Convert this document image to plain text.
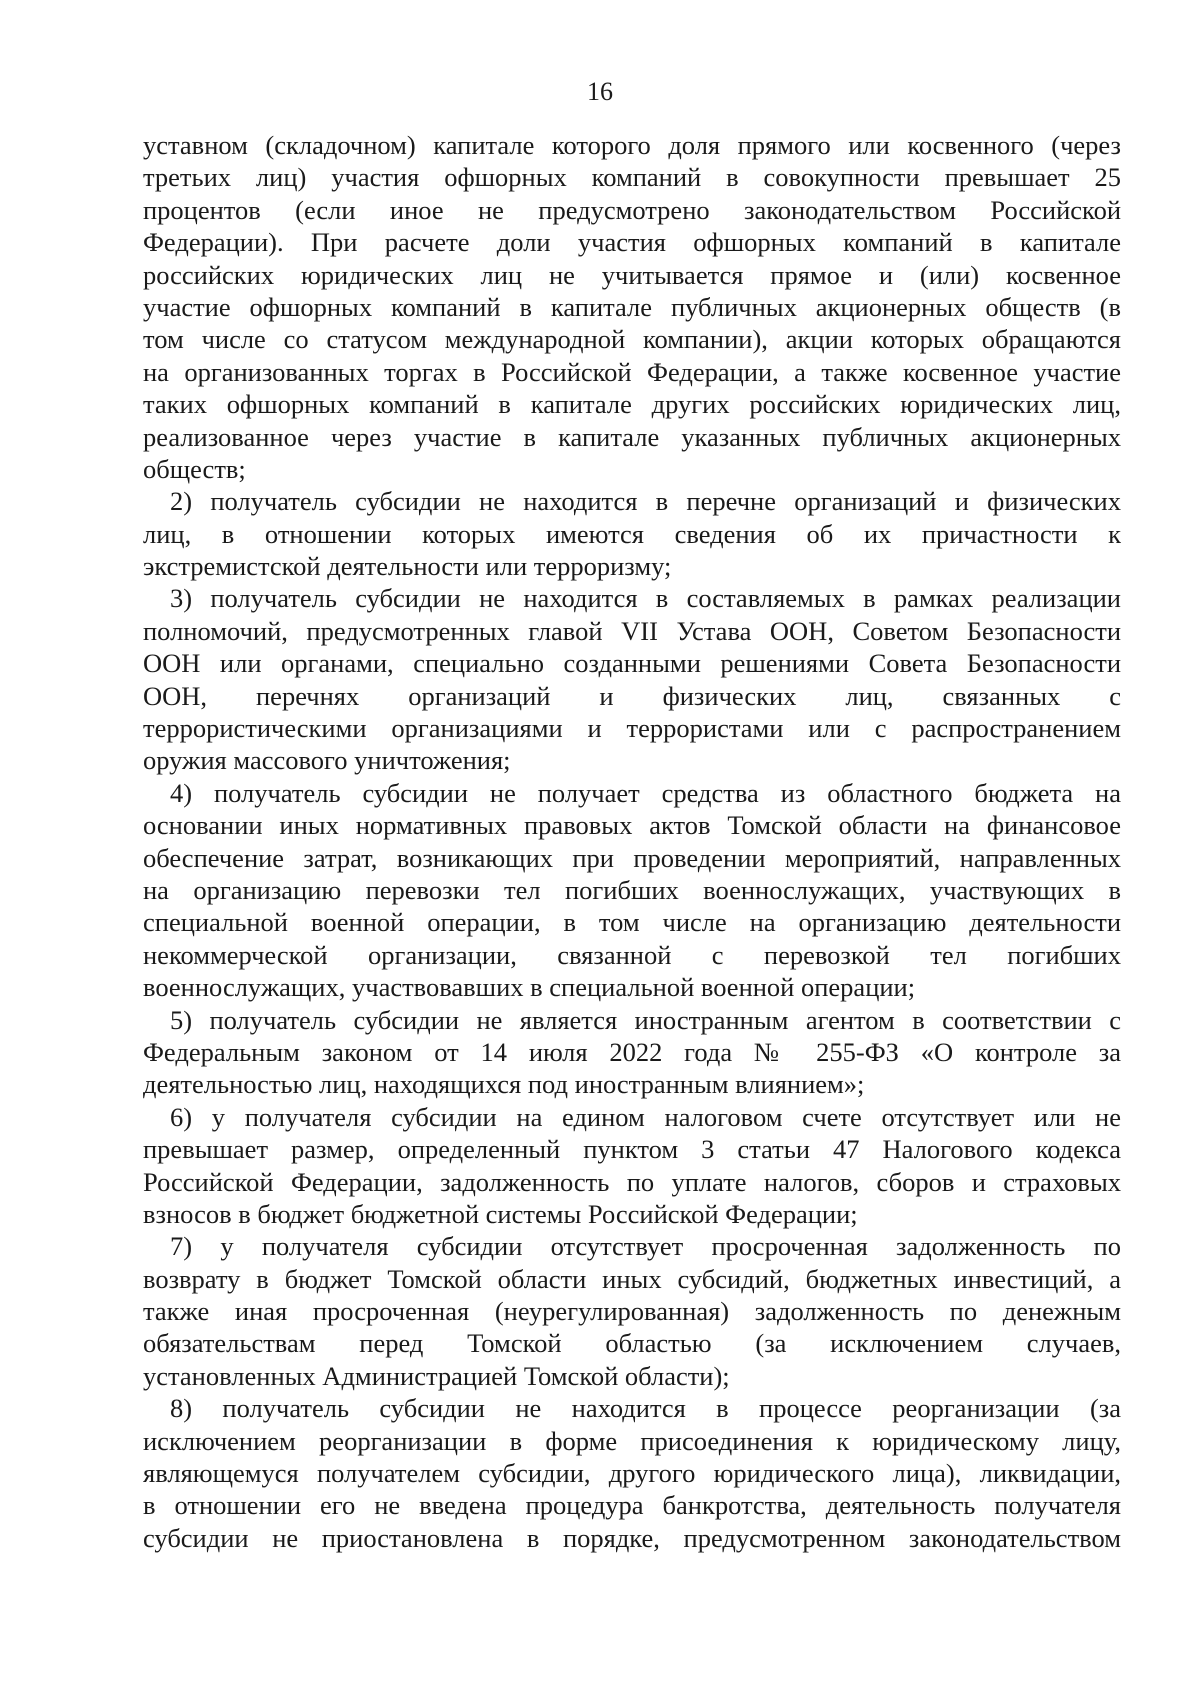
16
уставном (складочном) капитале которого доля прямого или косвенного (через
третьих лиц) участия офшорных компаний в совокупности превышает 25
процентов (если иное не предусмотрено законодательством Российской
Федерации). При расчете доли участия офшорных компаний в капитале
российских юридических лиц не учитывается прямое и (или) косвенное
участие офшорных компаний в капитале публичных акционерных обществ (в
том числе со статусом международной компании), акции которых обращаются
на организованных торгах в Российской Федерации, а также косвенное участие
таких офшорных компаний в капитале других российских юридических лиц,
реализованное через участие в капитале указанных публичных акционерных
обществ;
2) получатель субсидии не находится в перечне организаций и физических
лиц, в отношении которых имеются сведения об их причастности к
экстремистской деятельности или терроризму;
3) получатель субсидии не находится в составляемых в рамках реализации
полномочий, предусмотренных главой VII Устава ООН, Советом Безопасности
ООН или органами, специально созданными решениями Совета Безопасности
ООН, перечнях организаций и физических лиц, связанных с
террористическими организациями и террористами или с распространением
оружия массового уничтожения;
4) получатель субсидии не получает средства из областного бюджета на
основании иных нормативных правовых актов Томской области на финансовое
обеспечение затрат, возникающих при проведении мероприятий, направленных
на организацию перевозки тел погибших военнослужащих, участвующих в
специальной военной операции, в том числе на организацию деятельности
некоммерческой организации, связанной с перевозкой тел погибших
военнослужащих, участвовавших в специальной военной операции;
5) получатель субсидии не является иностранным агентом в соответствии с
Федеральным законом от 14 июля 2022 года № 255-ФЗ «О контроле за
деятельностью лиц, находящихся под иностранным влиянием»;
6) у получателя субсидии на едином налоговом счете отсутствует или не
превышает размер, определенный пунктом 3 статьи 47 Налогового кодекса
Российской Федерации, задолженность по уплате налогов, сборов и страховых
взносов в бюджет бюджетной системы Российской Федерации;
7) у получателя субсидии отсутствует просроченная задолженность по
возврату в бюджет Томской области иных субсидий, бюджетных инвестиций, а
также иная просроченная (неурегулированная) задолженность по денежным
обязательствам перед Томской областью (за исключением случаев,
установленных Администрацией Томской области);
8) получатель субсидии не находится в процессе реорганизации (за
исключением реорганизации в форме присоединения к юридическому лицу,
являющемуся получателем субсидии, другого юридического лица), ликвидации,
в отношении его не введена процедура банкротства, деятельность получателя
субсидии не приостановлена в порядке, предусмотренном законодательством
